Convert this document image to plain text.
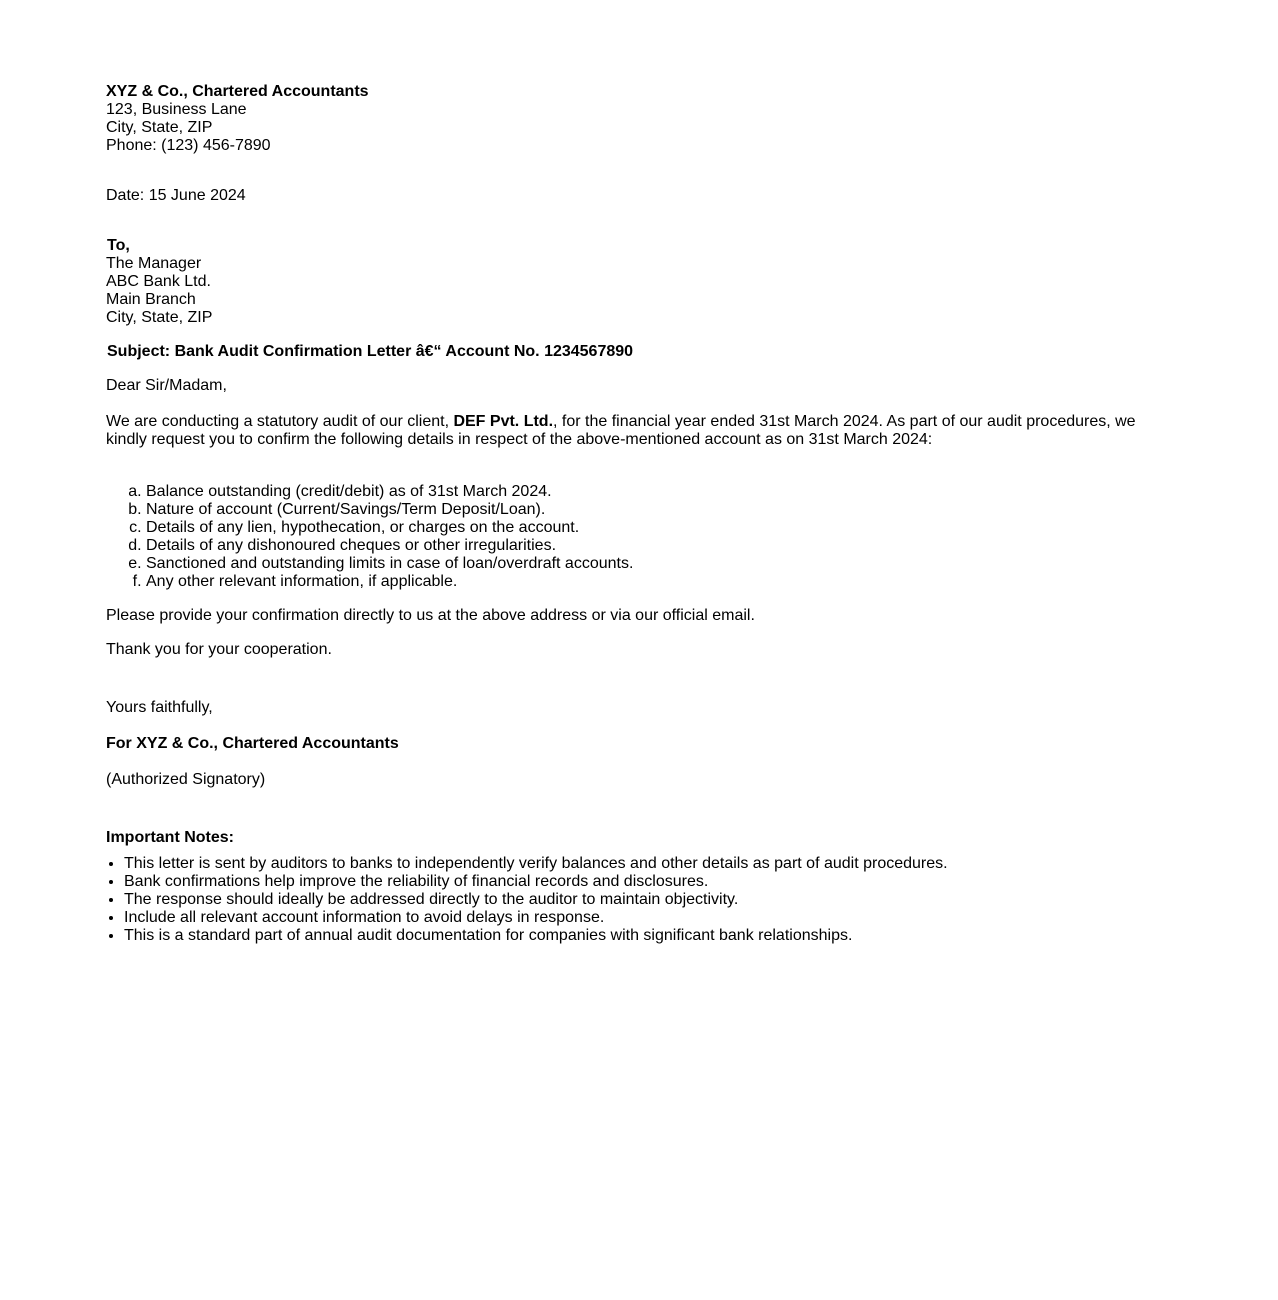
XYZ & Co., Chartered Accountants
123, Business Lane
City, State, ZIP
Phone: (123) 456-7890
Date: 15 June 2024
To,
The Manager
ABC Bank Ltd.
Main Branch
City, State, ZIP
Subject: Bank Audit Confirmation Letter â€“ Account No. 1234567890
Dear Sir/Madam,
We are conducting a statutory audit of our client, DEF Pvt. Ltd., for the financial year ended 31st March 2024. As part of our audit procedures, we kindly request you to confirm the following details in respect of the above-mentioned account as on 31st March 2024:
a. Balance outstanding (credit/debit) as of 31st March 2024.
b. Nature of account (Current/Savings/Term Deposit/Loan).
c. Details of any lien, hypothecation, or charges on the account.
d. Details of any dishonoured cheques or other irregularities.
e. Sanctioned and outstanding limits in case of loan/overdraft accounts.
f. Any other relevant information, if applicable.
Please provide your confirmation directly to us at the above address or via our official email.
Thank you for your cooperation.
Yours faithfully,
For XYZ & Co., Chartered Accountants
(Authorized Signatory)
Important Notes:
• This letter is sent by auditors to banks to independently verify balances and other details as part of audit procedures.
• Bank confirmations help improve the reliability of financial records and disclosures.
• The response should ideally be addressed directly to the auditor to maintain objectivity.
• Include all relevant account information to avoid delays in response.
• This is a standard part of annual audit documentation for companies with significant bank relationships.
